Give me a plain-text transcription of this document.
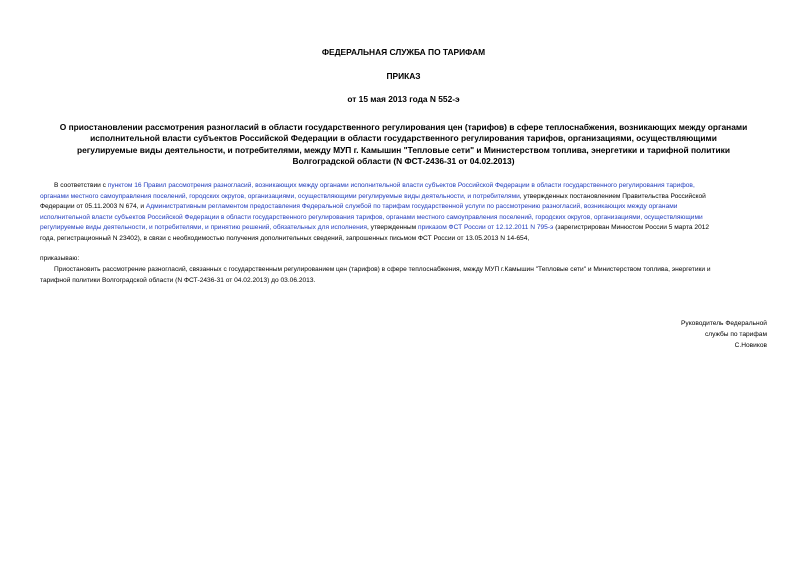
ФЕДЕРАЛЬНАЯ СЛУЖБА ПО ТАРИФАМ
ПРИКАЗ
от 15 мая 2013 года N 552-э
О приостановлении рассмотрения разногласий в области государственного регулирования цен (тарифов) в сфере теплоснабжения, возникающих между органами
исполнительной власти субъектов Российской Федерации в области государственного регулирования тарифов, организациями, осуществляющими
регулируемые виды деятельности, и потребителями, между МУП г. Камышин "Тепловые сети" и Министерством топлива, энергетики и тарифной политики
Волгоградской области (N ФСТ-2436-31 от 04.02.2013)
В соответствии с пунктом 16 Правил рассмотрения разногласий, возникающих между органами исполнительной власти субъектов Российской Федерации в области государственного регулирования тарифов,
органами местного самоуправления поселений, городских округов, организациями, осуществляющими регулируемые виды деятельности, и потребителями, утвержденных постановлением Правительства Российской
Федерации от 05.11.2003 N 674, и Административным регламентом предоставления Федеральной службой по тарифам государственной услуги по рассмотрению разногласий, возникающих между органами
исполнительной власти субъектов Российской Федерации в области государственного регулирования тарифов, органами местного самоуправления поселений, городских округов, организациями, осуществляющими
регулируемые виды деятельности, и потребителями, и принятию решений, обязательных для исполнения, утвержденным приказом ФСТ России от 12.12.2011 N 795-э (зарегистрирован Минюстом России 5 марта 2012
года, регистрационный N 23402), в связи с необходимостью получения дополнительных сведений, запрошенных письмом ФСТ России от 13.05.2013 N 14-654,
приказываю:
Приостановить рассмотрение разногласий, связанных с государственным регулированием цен (тарифов) в сфере теплоснабжения, между МУП г.Камышин "Тепловые сети" и Министерством топлива, энергетики и
тарифной политики Волгоградской области (N ФСТ-2436-31 от 04.02.2013) до 03.06.2013.
Руководитель Федеральной
службы по тарифам
С.Новиков
